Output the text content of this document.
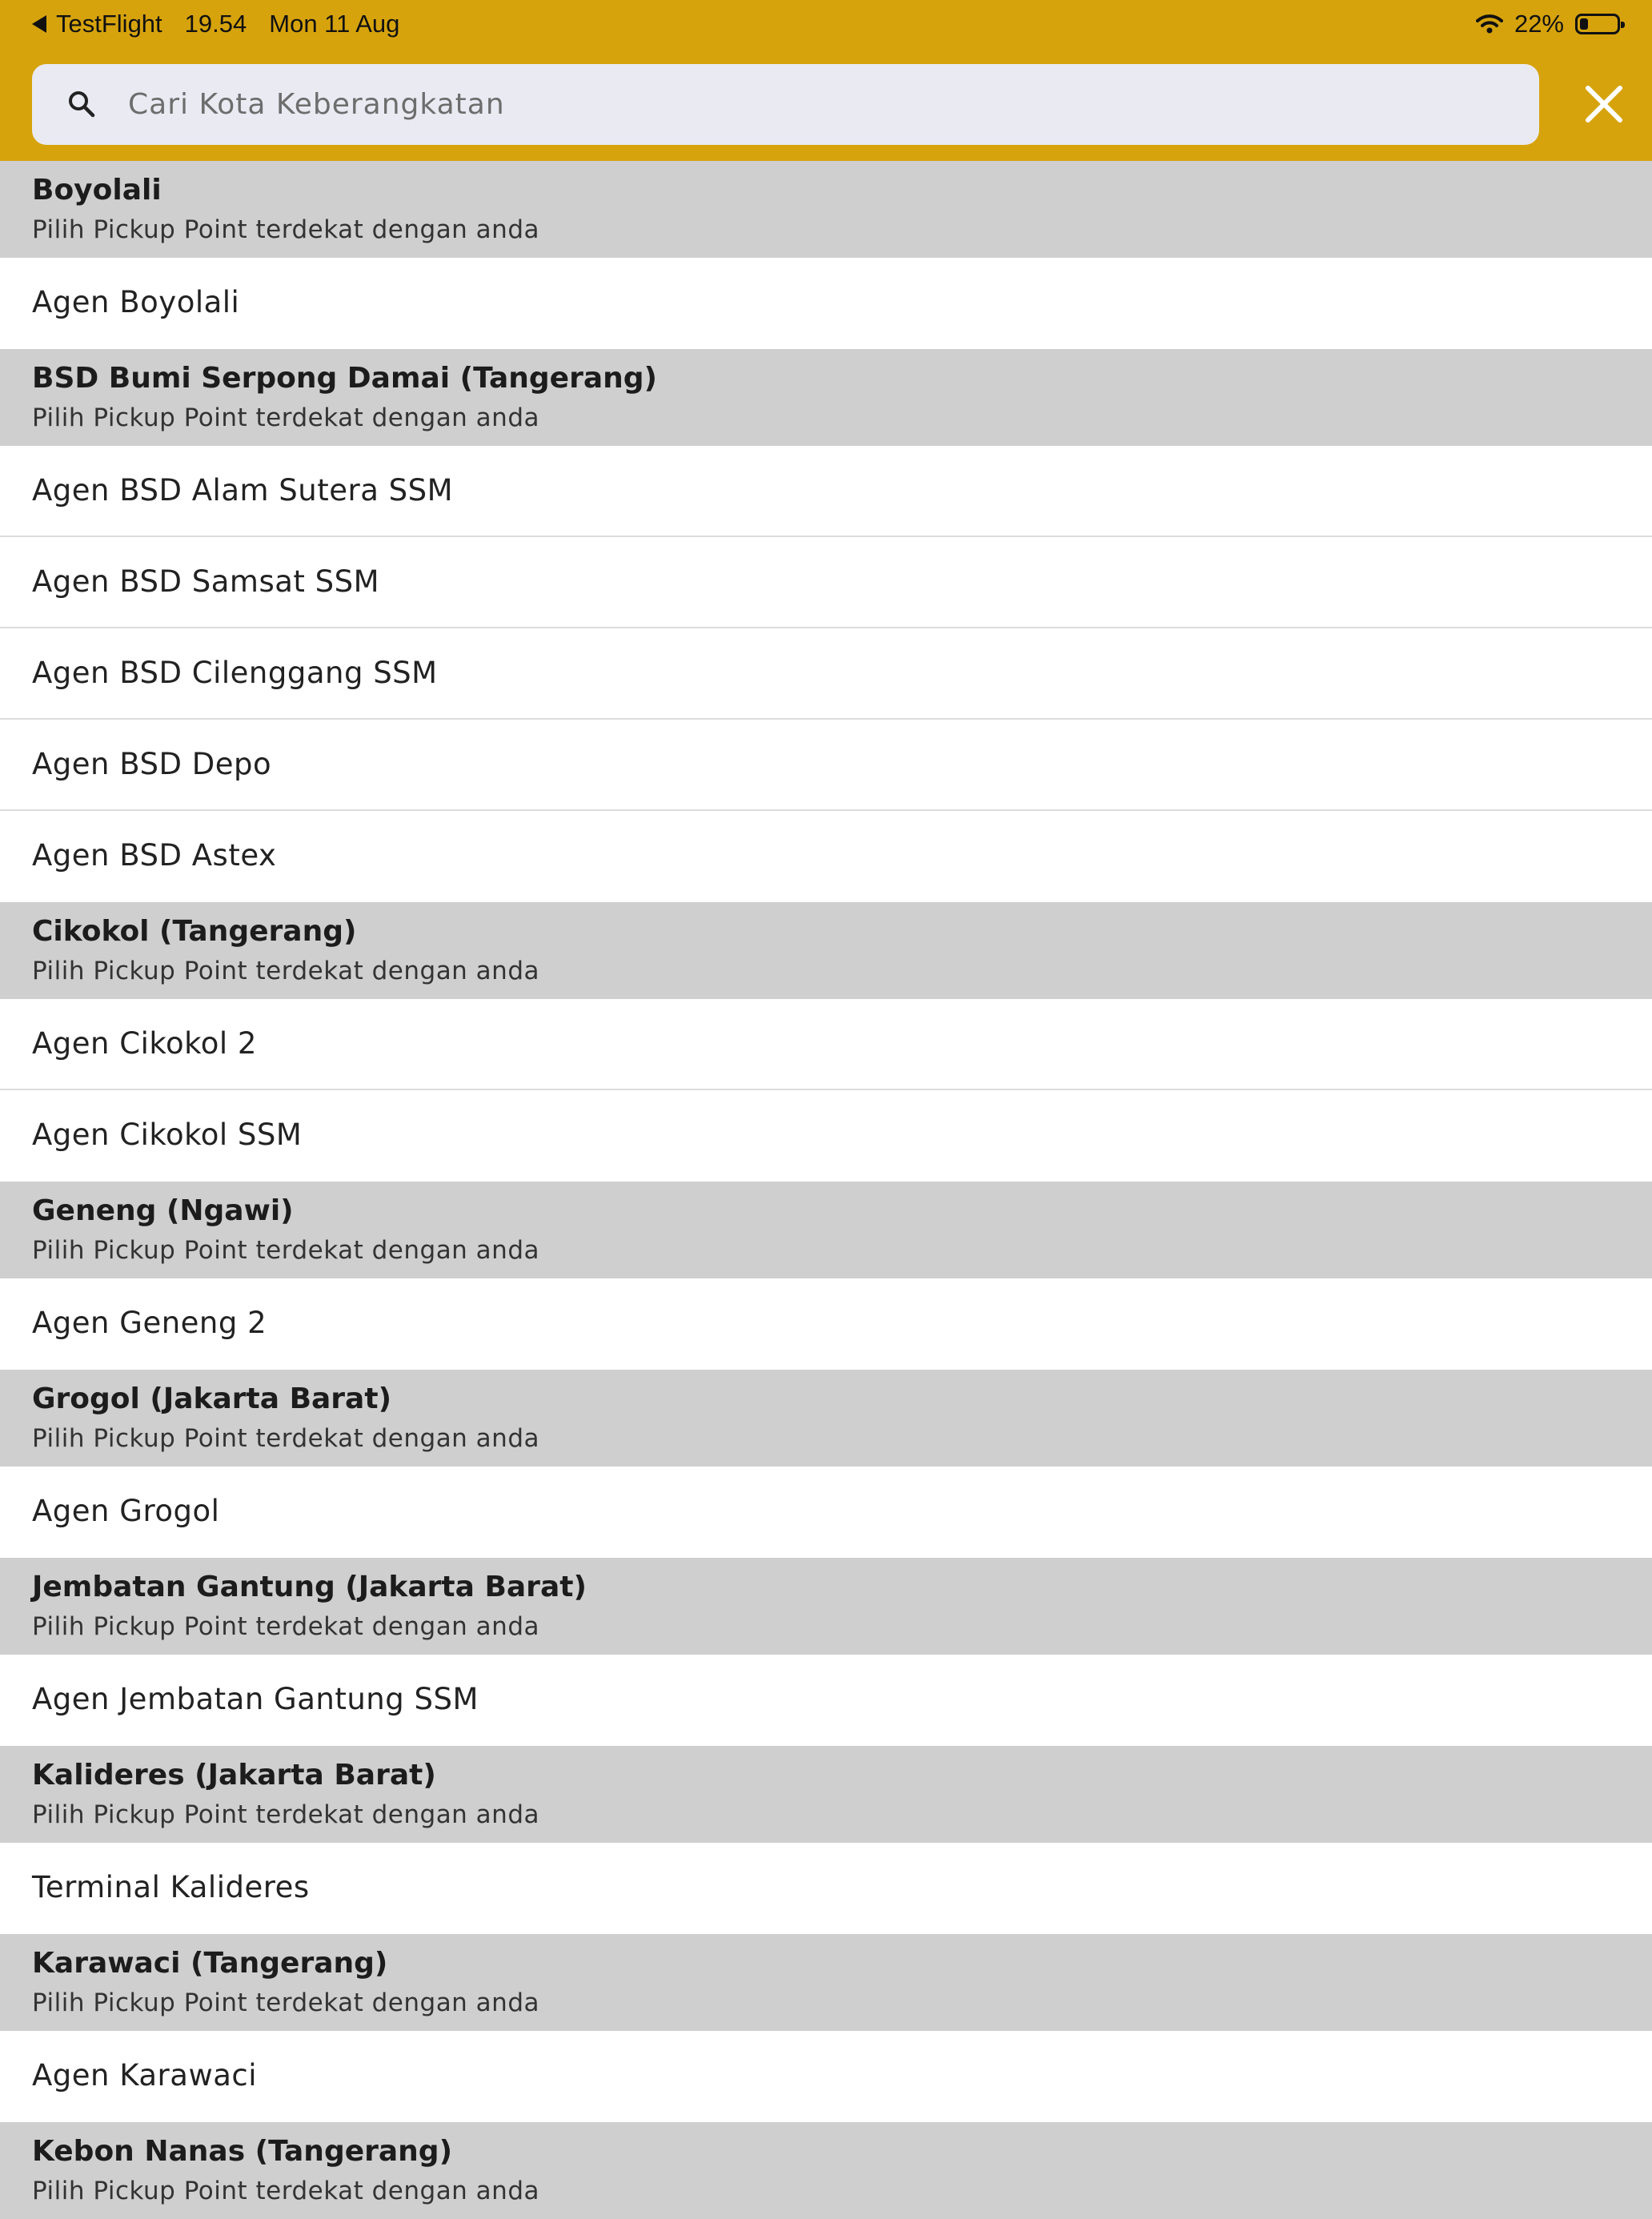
TestFlight 19.54 Mon 11 Aug	22%
Cari Kota Keberangkatan
Boyolali
Pilih Pickup Point terdekat dengan anda
Agen Boyolali
BSD Bumi Serpong Damai (Tangerang)
Pilih Pickup Point terdekat dengan anda
Agen BSD Alam Sutera SSM
Agen BSD Samsat SSM
Agen BSD Cilenggang SSM
Agen BSD Depo
Agen BSD Astex
Cikokol (Tangerang)
Pilih Pickup Point terdekat dengan anda
Agen Cikokol 2
Agen Cikokol SSM
Geneng (Ngawi)
Pilih Pickup Point terdekat dengan anda
Agen Geneng 2
Grogol (Jakarta Barat)
Pilih Pickup Point terdekat dengan anda
Agen Grogol
Jembatan Gantung (Jakarta Barat)
Pilih Pickup Point terdekat dengan anda
Agen Jembatan Gantung SSM
Kalideres (Jakarta Barat)
Pilih Pickup Point terdekat dengan anda
Terminal Kalideres
Karawaci (Tangerang)
Pilih Pickup Point terdekat dengan anda
Agen Karawaci
Kebon Nanas (Tangerang)
Pilih Pickup Point terdekat dengan anda
